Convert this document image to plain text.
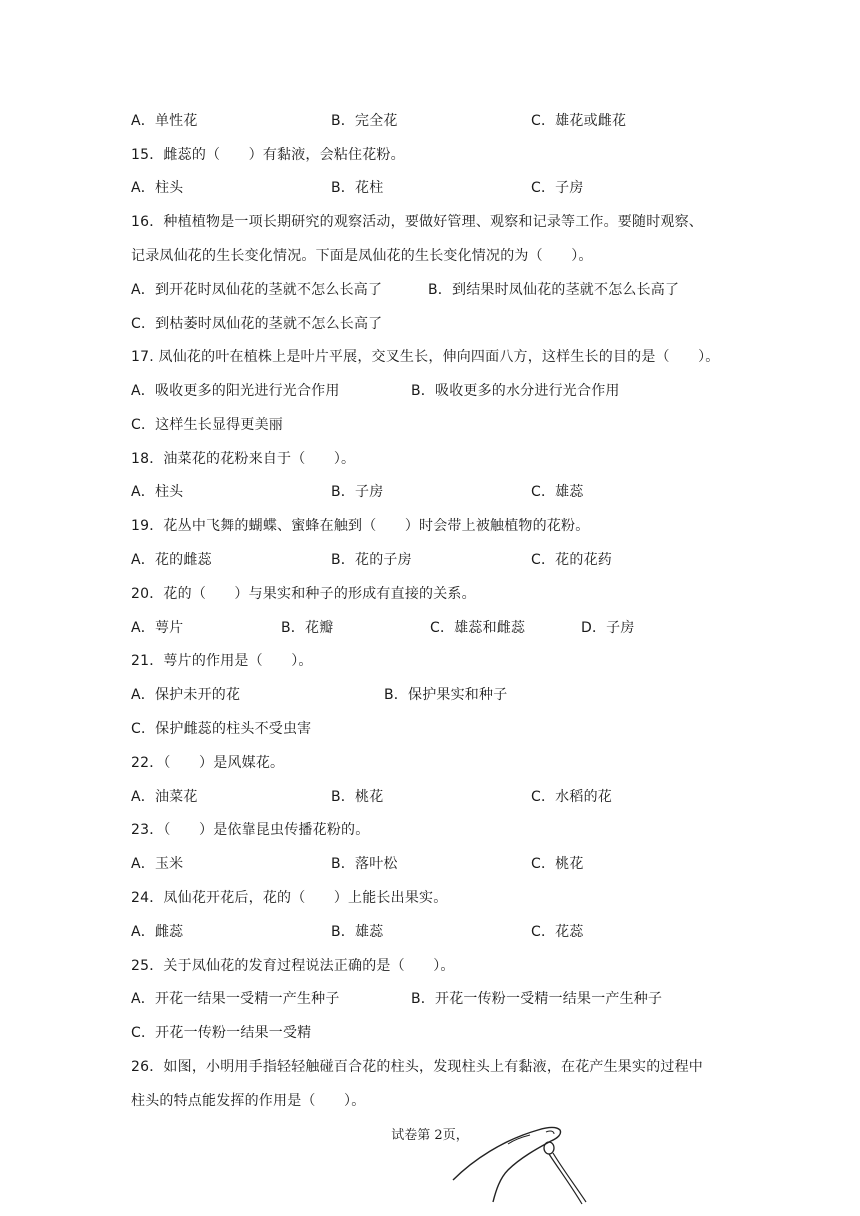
A．单性花	B．完全花	C．雄花或雌花
15．雌蕊的（　　）有黏液，会粘住花粉。
A．柱头	B．花柱	C．子房
16．种植植物是一项长期研究的观察活动，要做好管理、观察和记录等工作。要随时观察、
记录凤仙花的生长变化情况。下面是凤仙花的生长变化情况的为（　　）。
A．到开花时凤仙花的茎就不怎么长高了	B．到结果时凤仙花的茎就不怎么长高了
C．到枯萎时凤仙花的茎就不怎么长高了
17. 凤仙花的叶在植株上是叶片平展，交叉生长，伸向四面八方，这样生长的目的是（　　）。
A．吸收更多的阳光进行光合作用	B．吸收更多的水分进行光合作用
C．这样生长显得更美丽
18．油菜花的花粉来自于（　　）。
A．柱头	B．子房	C．雄蕊
19．花丛中飞舞的蝴蝶、蜜蜂在触到（　　）时会带上被触植物的花粉。
A．花的雌蕊	B．花的子房	C．花的花药
20．花的（　　）与果实和种子的形成有直接的关系。
A．萼片	B．花瓣	C．雄蕊和雌蕊	D．子房
21．萼片的作用是（　　）。
A．保护未开的花	B．保护果实和种子
C．保护雌蕊的柱头不受虫害
22．（　　）是风媒花。
A．油菜花	B．桃花	C．水稻的花
23．（　　）是依靠昆虫传播花粉的。
A．玉米	B．落叶松	C．桃花
24．凤仙花开花后，花的（　　）上能长出果实。
A．雌蕊	B．雄蕊	C．花蕊
25．关于凤仙花的发育过程说法正确的是（　　）。
A．开花一结果一受精一产生种子	B．开花一传粉一受精一结果一产生种子
C．开花一传粉一结果一受精
26．如图，小明用手指轻轻触碰百合花的柱头，发现柱头上有黏液，在花产生果实的过程中
柱头的特点能发挥的作用是（　　）。
试卷第 2页，
